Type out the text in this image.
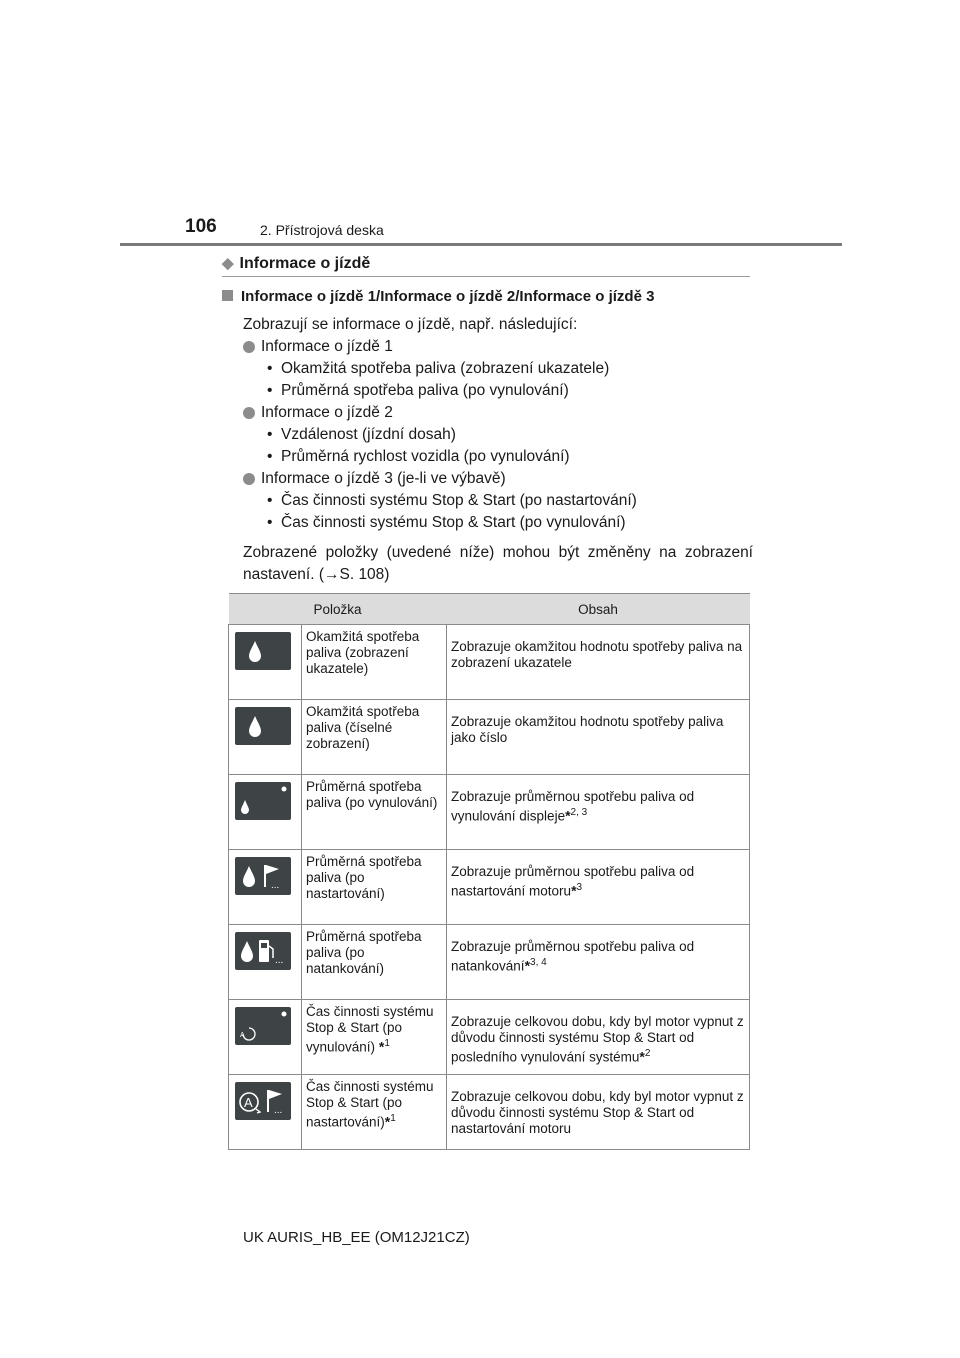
106	2. Přístrojová deska
◆ Informace o jízdě
Informace o jízdě 1/Informace o jízdě 2/Informace o jízdě 3
Zobrazují se informace o jízdě, např. následující:
Informace o jízdě 1
• Okamžitá spotřeba paliva (zobrazení ukazatele)
• Průměrná spotřeba paliva (po vynulování)
Informace o jízdě 2
• Vzdálenost (jízdní dosah)
• Průměrná rychlost vozidla (po vynulování)
Informace o jízdě 3 (je-li ve výbavě)
• Čas činnosti systému Stop & Start (po nastartování)
• Čas činnosti systému Stop & Start (po vynulování)
Zobrazené položky (uvedené níže) mohou být změněny na zobrazení nastavení. (→S. 108)
Položka		Obsah

	Okamžitá spotřeba paliva (zobrazení ukazatele)	Zobrazuje okamžitou hodnotu spotřeby paliva na zobrazení ukazatele

	Okamžitá spotřeba paliva (číselné zobrazení)	Zobrazuje okamžitou hodnotu spotřeby paliva jako číslo

	Průměrná spotřeba paliva (po vynulování)	Zobrazuje průměrnou spotřebu paliva od vynulování displeje*$^{2, 3}$

...	Průměrná spotřeba paliva (po nastartování)	Zobrazuje průměrnou spotřebu paliva od nastartování motoru*$^3$

...	Průměrná spotřeba paliva (po natankování)	Zobrazuje průměrnou spotřebu paliva od natankování*$^{3, 4}$

A	Čas činnosti systému Stop & Start (po vynulování) *$^1$	Zobrazuje celkovou dobu, kdy byl motor vypnut z důvodu činnosti systému Stop & Start od posledního vynulování systému*$^2$

A
...	Čas činnosti systému Stop & Start (po nastartování)*$^1$	Zobrazuje celkovou dobu, kdy byl motor vypnut z důvodu činnosti systému Stop & Start od nastartování motoru
UK AURIS_HB_EE (OM12J21CZ)
